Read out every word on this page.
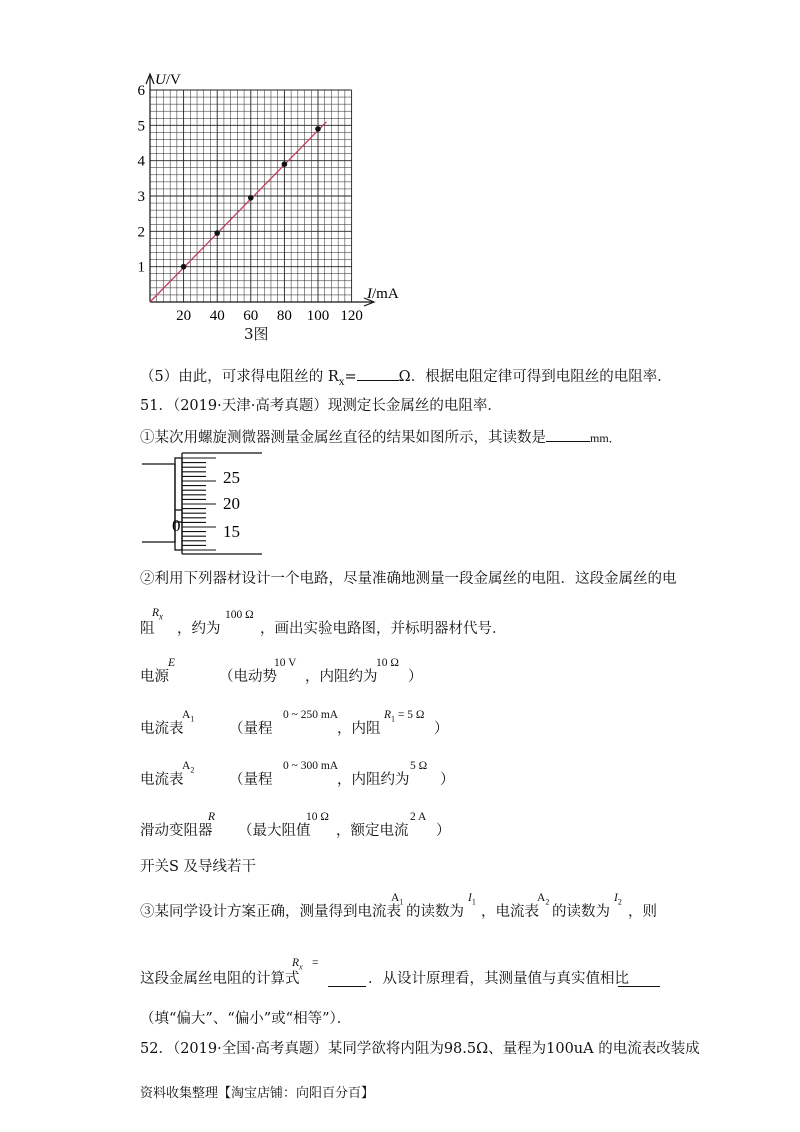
20 40 60 80 100 120
1
2
3
4
5
6
U/V
I/mA
3图
（5）由此，可求得电阻丝的 $R_x=$	Ω．根据电阻定律可得到电阻丝的电阻率．
51．（2019·天津·高考真题）现测定长金属丝的电阻率．
①某次用螺旋测微器测量金属丝直径的结果如图所示，其读数是	mm．
25
20
15
0
②利用下列器材设计一个电路，尽量准确地测量一段金属丝的电阻．这段金属丝的电
阻
$R_x$
，约为
100 Ω
，画出实验电路图，并标明器材代号．
电源
E
（电动势
10 V
，内阻约为
10 Ω
）
电流表
$A_1$
（量程
0 ~ 250 mA
，内阻
$R_1 = 5$ Ω
）
电流表
$A_2$
（量程
0 ~ 300 mA
，内阻约为
5 Ω
）
滑动变阻器
R
（最大阻值
10 Ω
，额定电流
2 A
）
开关S 及导线若干
③某同学设计方案正确，测量得到电流表
$A_1$
的读数为
$I_1$
，电流表
$A_2$
的读数为
$I_2$
，则
这段金属丝电阻的计算式
$R_x$ =
．从设计原理看，其测量值与真实值相比
（填“偏大”、“偏小”或“相等”）．
52．（2019·全国·高考真题）某同学欲将内阻为98.5Ω、量程为100uA 的电流表改装成
资料收集整理【淘宝店铺：向阳百分百】
